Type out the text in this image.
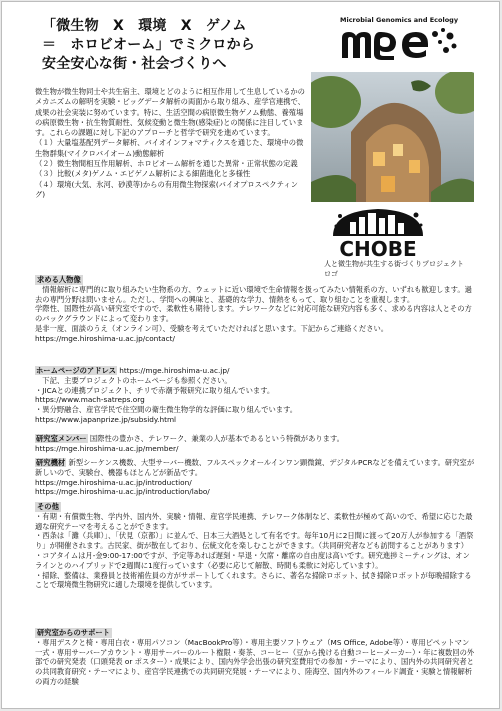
「微生物　X　環境　X　ゲノム
＝　ホロビオーム」でミクロから
安全安心な街・社会づくりへ
Microbial Genomics and Ecology

微生物が微生物同士や共生宿主、環境とどのように相互作用して生息しているかのメカニズムの解明を実験・ビッグデータ解析の両面から取り組み、産学官連携で、成果の社会実装に努めています。特に、生活空間の病原微生物ゲノム動態、養殖場の病原微生物・抗生物質耐性、気候変動と微生物(感染症)との関係に注目しています。これらの課題に対し下記のアプローチと哲学で研究を進めています。

（１）大量塩基配列データ解析、バイオインフォマティクスを通じた、環境中の微生物群集(マイクロバイオーム)動態解析

（２）微生物間相互作用解析、ホロビオーム解析を通じた異常・正常状態の定義

（３）比較(メタ)ゲノム・エピゲノム解析による細菌進化と多様性

（４）環境(大気、氷河、砂漠等)からの有用微生物探索(バイオプロスペクティング)

CHOBE
人と微生物が共生する街づくりプロジェクトロゴ
求める人物像

　情報解析に専門的に取り組みたい生物系の方、ウェットに近い環境で生命情報を扱ってみたい情報系の方、いずれも歓迎します。過去の専門分野は問いません。ただし、学問への興味と、基礎的な学力、情熱をもって、取り組むことを重視します。

学際性、国際性が高い研究室ですので、柔軟性も期待します。テレワークなどに対応可能な研究内容も多く、求める内容は人とその方のバックグラウンドによって変わります。

是非一度、面談のうえ（オンライン可）、受験を考えていただければと思います。下記からご連絡ください。　https://mge.hiroshima-u.ac.jp/contact/

ホームページのアドレス https://mge.hiroshima-u.ac.jp/

　下記、主要プロジェクトのホームページも参照ください。

・JICAとの連携プロジェクト、チリで赤潮予報研究に取り組んでいます。

https://www.mach-satreps.org

・異分野融合、産官学民で住空間の衛生微生物学的な評価に取り組んでいます。

https://www.japanprize.jp/subsidy.html

研究室メンバー 国際性の豊かさ、テレワーク、兼業の人が基本であるという特徴があります。

https://mge.hiroshima-u.ac.jp/member/

研究機材 新型シーケンス機数、大型サーバー機数、フルスペックオールインワン顕微鏡、デジタルPCRなどを備えています。研究室が新しいので、実験台、機器もほとんどが新品です。

https://mge.hiroshima-u.ac.jp/introduction/

https://mge.hiroshima-u.ac.jp/introduction/labo/

その他

・有期・有償微生物、学内外、国内外、実験・情報、産官学民連携、テレワーク体制など、柔軟性が極めて高いので、希望に応じた最適な研究テーマを考えることができます。

・西条は「灘（兵庫）」、「伏見（京都）」に並んで、日本三大酒処として有名です。毎年10月に2日間に渡って20万人が参加する「酒祭り」が開催されます。古民家、街が散在しており、伝統文化を楽しむことができます。（共同研究者なども訪問することがあります）

・コアタイムは月-金9:00-17:00ですが、予定等あれば遅刻・早退・欠席・離席の自由度は高いです。研究進捗ミーティングは、オンラインとのハイブリッドで2週間に1度行っています（必要に応じて解散、時間も柔軟に対応しています）。

・掃除、整備は、業務員と技術補佐員の方がサポートしてくれます。さらに、著名な掃除ロボット、拭き掃除ロボットが毎晩掃除することで環境微生物研究に適した環境を提供しています。

研究室からのサポート

・専用デスクと椅・専用白衣・専用パソコン（MacBookPro等）・専用主要ソフトウェア（MS Office, Adobe等）・専用ピペットマン一式・専用サーバーアカウント・専用サーバーのルート権限・奏茶、コーヒー（豆から挽ける自動コーヒーメーカー）・年に複数回の外部での研究発表（口頭発表 or ポスター）・成果により、国内外学会出張の研究室費用での参加・テーマにより、国内外の共同研究者との共同教育研究・テーマにより、産官学民連携での共同研究発展・テーマにより、陸海空、国内外のフィールド調査・実験と情報解析の両方の経験
